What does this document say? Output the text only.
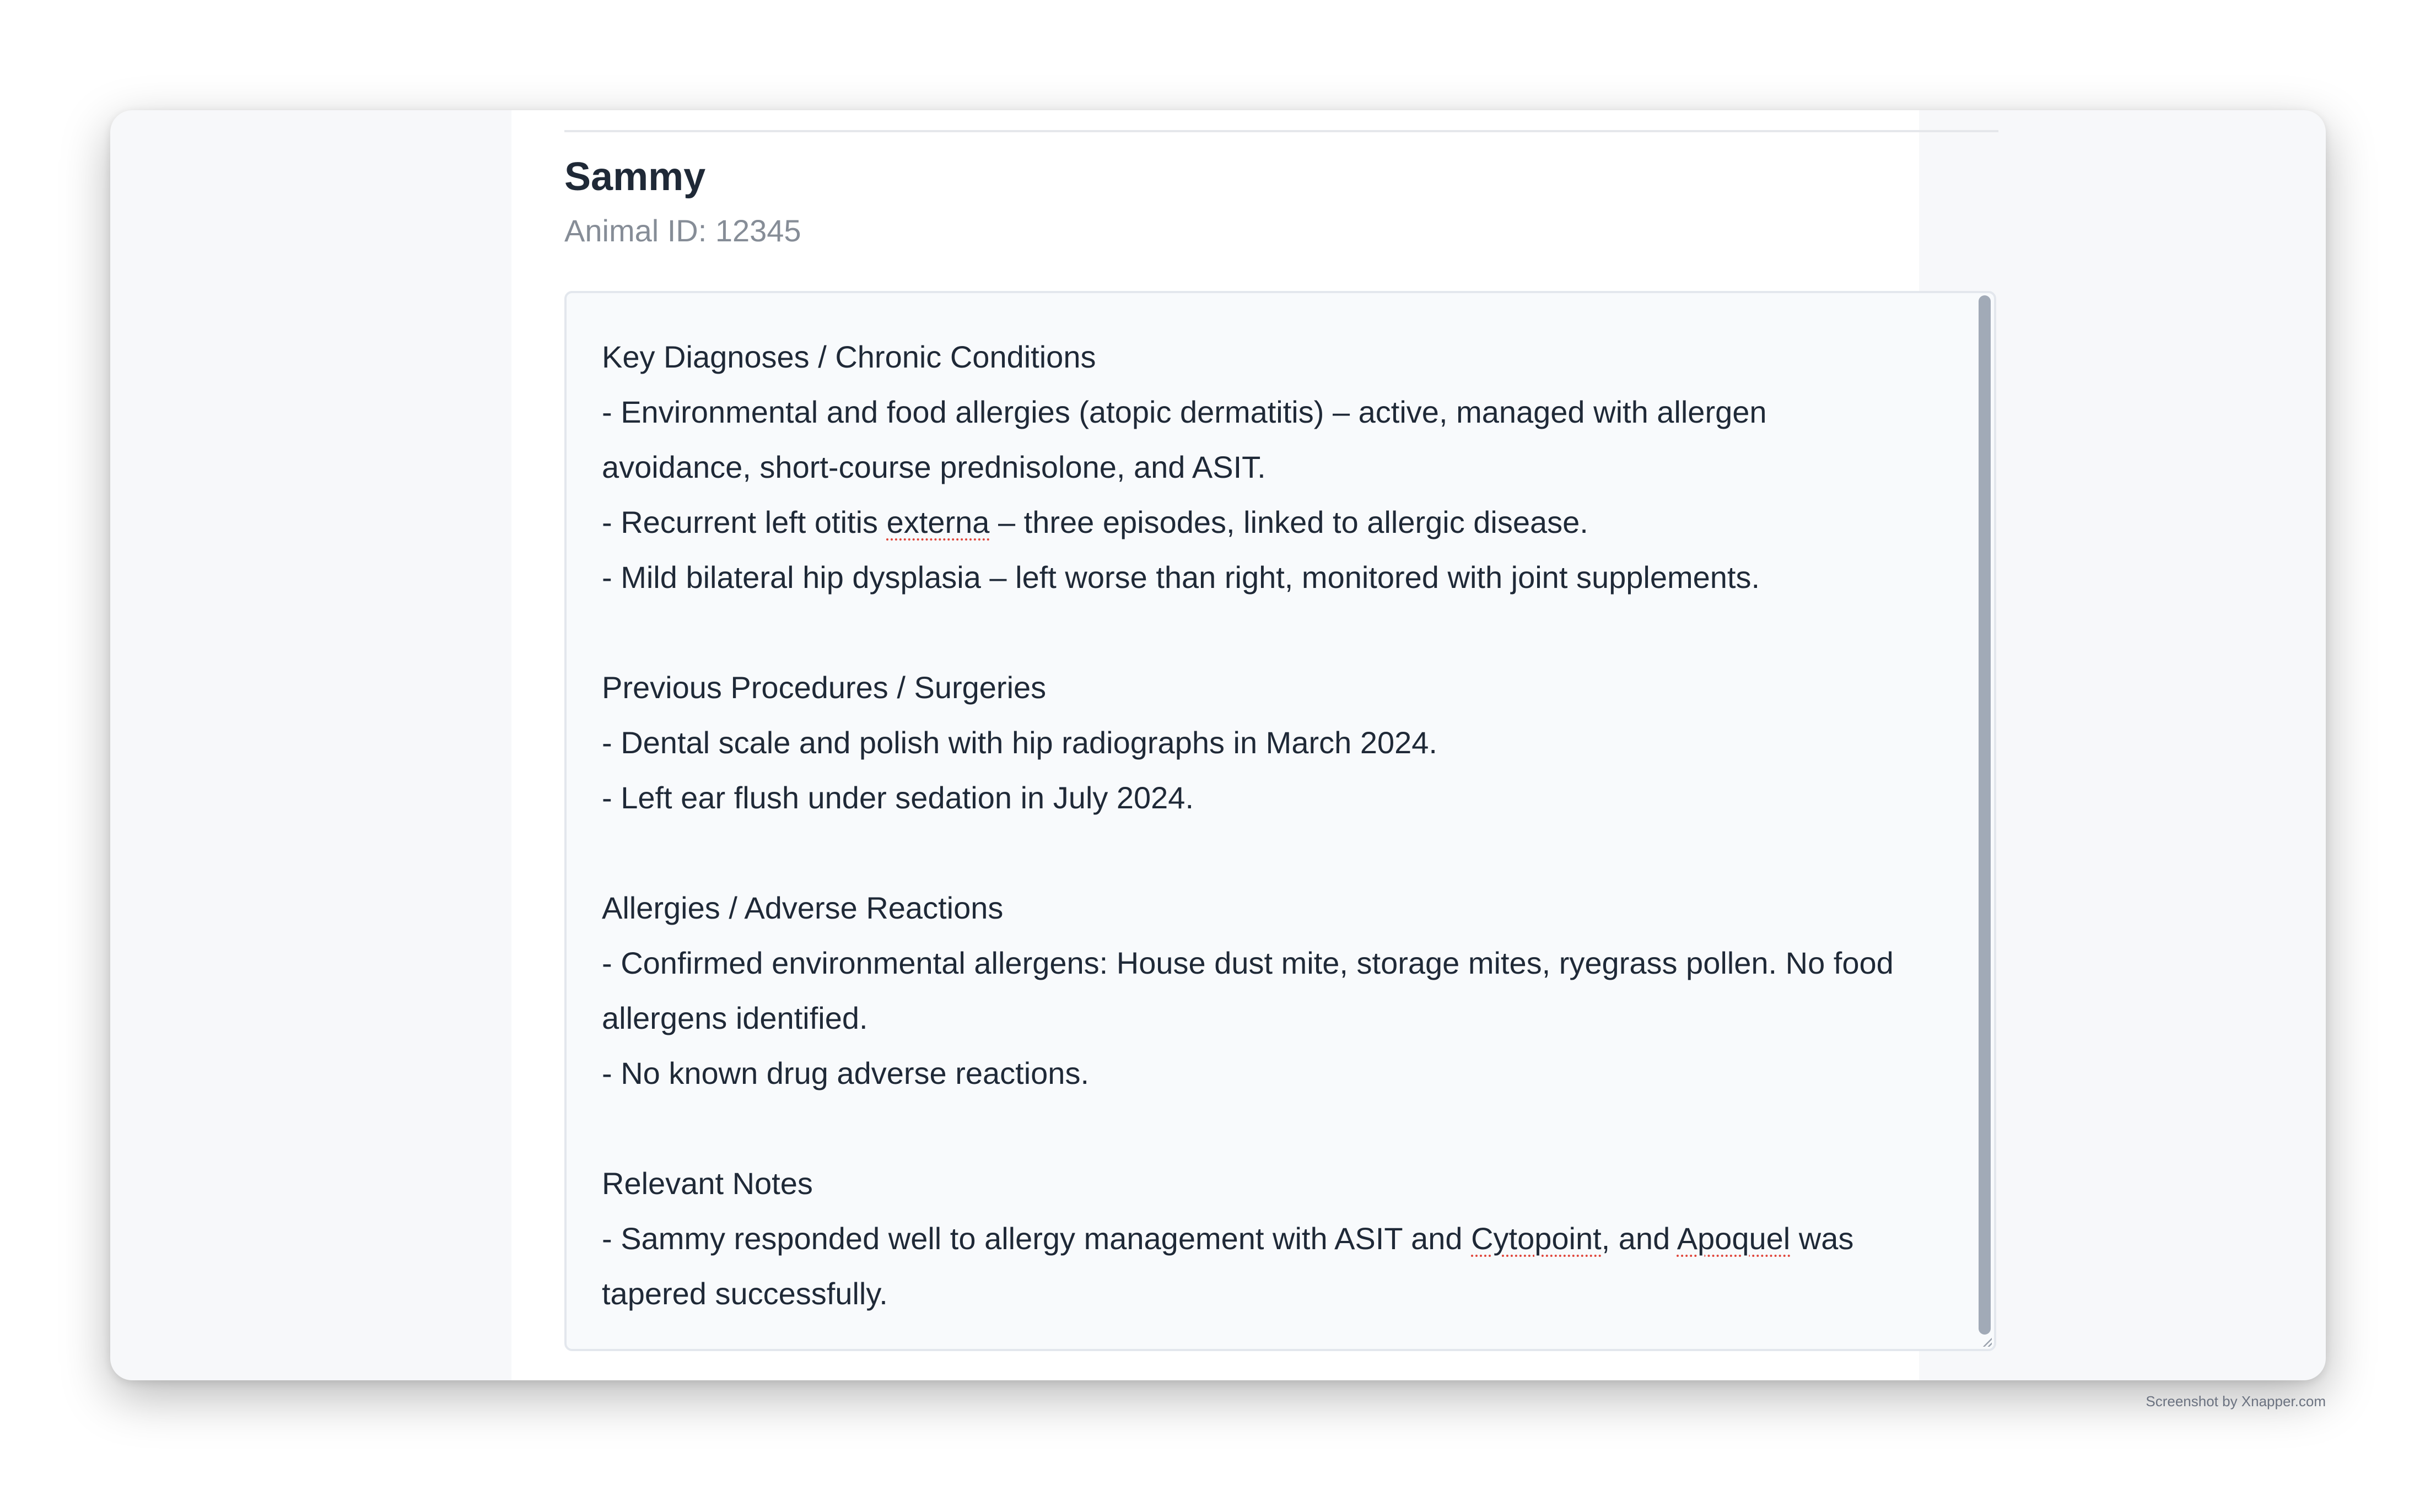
Sammy
Animal ID: 12345
Key Diagnoses / Chronic Conditions
- Environmental and food allergies (atopic dermatitis) – active, managed with allergen
avoidance, short-course prednisolone, and ASIT.
- Recurrent left otitis externa – three episodes, linked to allergic disease.
- Mild bilateral hip dysplasia – left worse than right, monitored with joint supplements.
Previous Procedures / Surgeries
- Dental scale and polish with hip radiographs in March 2024.
- Left ear flush under sedation in July 2024.
Allergies / Adverse Reactions
- Confirmed environmental allergens: House dust mite, storage mites, ryegrass pollen. No food
allergens identified.
- No known drug adverse reactions.
Relevant Notes
- Sammy responded well to allergy management with ASIT and Cytopoint, and Apoquel was
tapered successfully.
Screenshot by Xnapper.com
